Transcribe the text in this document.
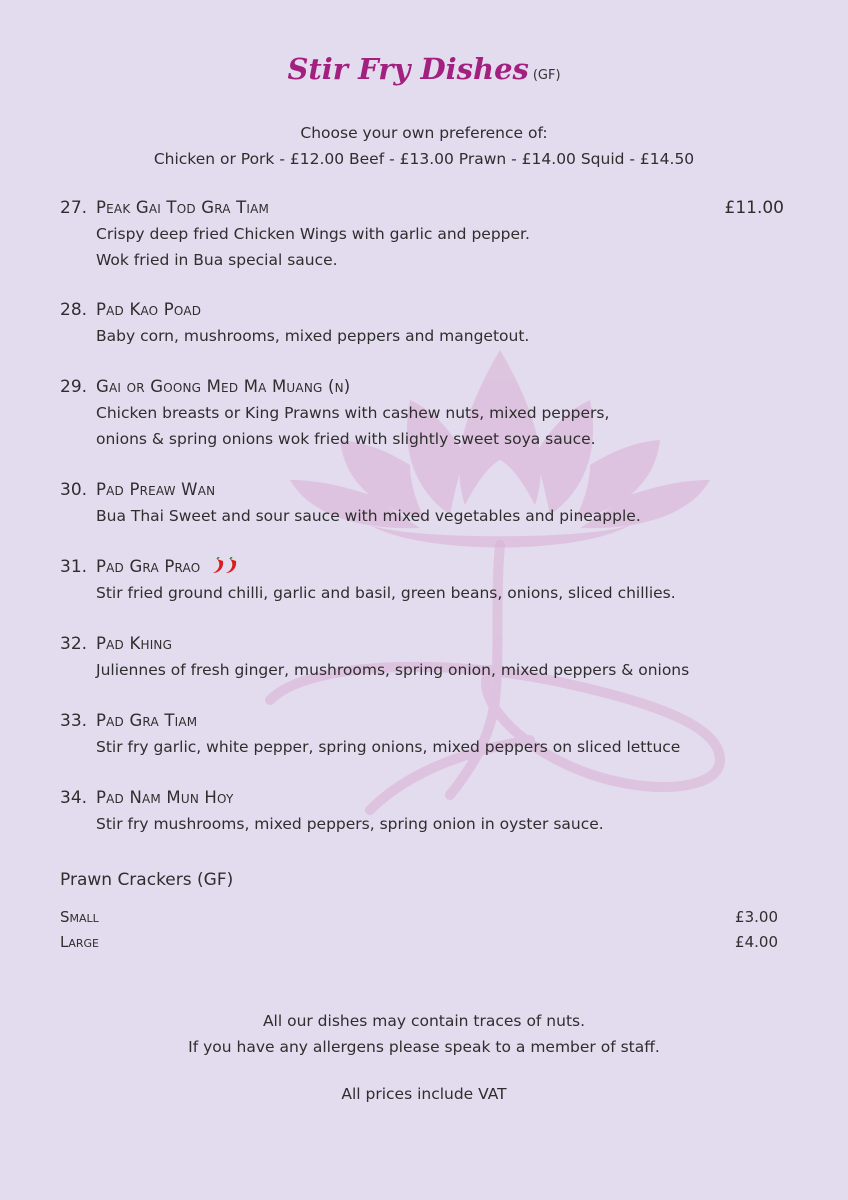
Stir Fry Dishes (GF)
Choose your own preference of:
Chicken or Pork - £12.00 Beef - £13.00 Prawn - £14.00 Squid - £14.50
27. Peak Gai Tod Gra Tiam	£11.00
Crispy deep fried Chicken Wings with garlic and pepper.
Wok fried in Bua special sauce.
28. Pad Kao Poad
Baby corn, mushrooms, mixed peppers and mangetout.
29. Gai or Goong Med Ma Muang (n)
Chicken breasts or King Prawns with cashew nuts, mixed peppers,
onions & spring onions wok fried with slightly sweet soya sauce.
30. Pad Preaw Wan
Bua Thai Sweet and sour sauce with mixed vegetables and pineapple.
31. Pad Gra Prao
Stir fried ground chilli, garlic and basil, green beans, onions, sliced chillies.
32. Pad Khing
Juliennes of fresh ginger, mushrooms, spring onion, mixed peppers & onions
33. Pad Gra Tiam
Stir fry garlic, white pepper, spring onions, mixed peppers on sliced lettuce
34. Pad Nam Mun Hoy
Stir fry mushrooms, mixed peppers, spring onion in oyster sauce.
Prawn Crackers (GF)
Small	£3.00
Large	£4.00
All our dishes may contain traces of nuts.
If you have any allergens please speak to a member of staff.
All prices include VAT
